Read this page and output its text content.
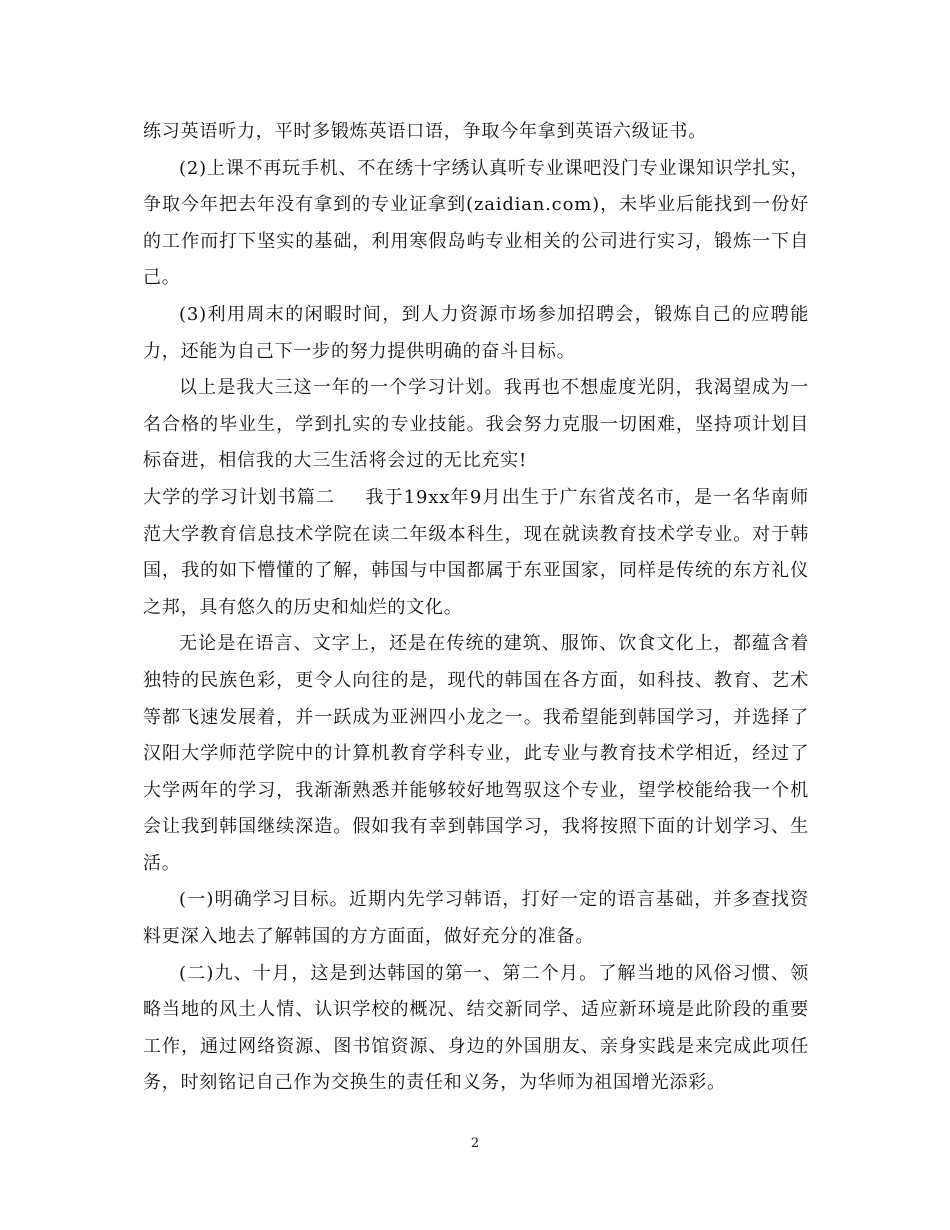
练习英语听力，平时多锻炼英语口语，争取今年拿到英语六级证书。

(2)上课不再玩手机、不在绣十字绣认真听专业课吧没门专业课知识学扎实，争取今年把去年没有拿到的专业证拿到(zaidian.com)，未毕业后能找到一份好的工作而打下坚实的基础，利用寒假岛屿专业相关的公司进行实习，锻炼一下自己。

(3)利用周末的闲暇时间，到人力资源市场参加招聘会，锻炼自己的应聘能力，还能为自己下一步的努力提供明确的奋斗目标。

以上是我大三这一年的一个学习计划。我再也不想虚度光阴，我渴望成为一名合格的毕业生，学到扎实的专业技能。我会努力克服一切困难，坚持项计划目标奋进，相信我的大三生活将会过的无比充实!

大学的学习计划书篇二 我于19xx年9月出生于广东省茂名市，是一名华南师范大学教育信息技术学院在读二年级本科生，现在就读教育技术学专业。对于韩国，我的如下懵懂的了解，韩国与中国都属于东亚国家，同样是传统的东方礼仪之邦，具有悠久的历史和灿烂的文化。

无论是在语言、文字上，还是在传统的建筑、服饰、饮食文化上，都蕴含着独特的民族色彩，更令人向往的是，现代的韩国在各方面，如科技、教育、艺术等都飞速发展着，并一跃成为亚洲四小龙之一。我希望能到韩国学习，并选择了汉阳大学师范学院中的计算机教育学科专业，此专业与教育技术学相近，经过了大学两年的学习，我渐渐熟悉并能够较好地驾驭这个专业，望学校能给我一个机会让我到韩国继续深造。假如我有幸到韩国学习，我将按照下面的计划学习、生活。

(一)明确学习目标。近期内先学习韩语，打好一定的语言基础，并多查找资料更深入地去了解韩国的方方面面，做好充分的准备。

(二)九、十月，这是到达韩国的第一、第二个月。了解当地的风俗习惯、领略当地的风土人情、认识学校的概况、结交新同学、适应新环境是此阶段的重要工作，通过网络资源、图书馆资源、身边的外国朋友、亲身实践是来完成此项任务，时刻铭记自己作为交换生的责任和义务，为华师为祖国增光添彩。

2
